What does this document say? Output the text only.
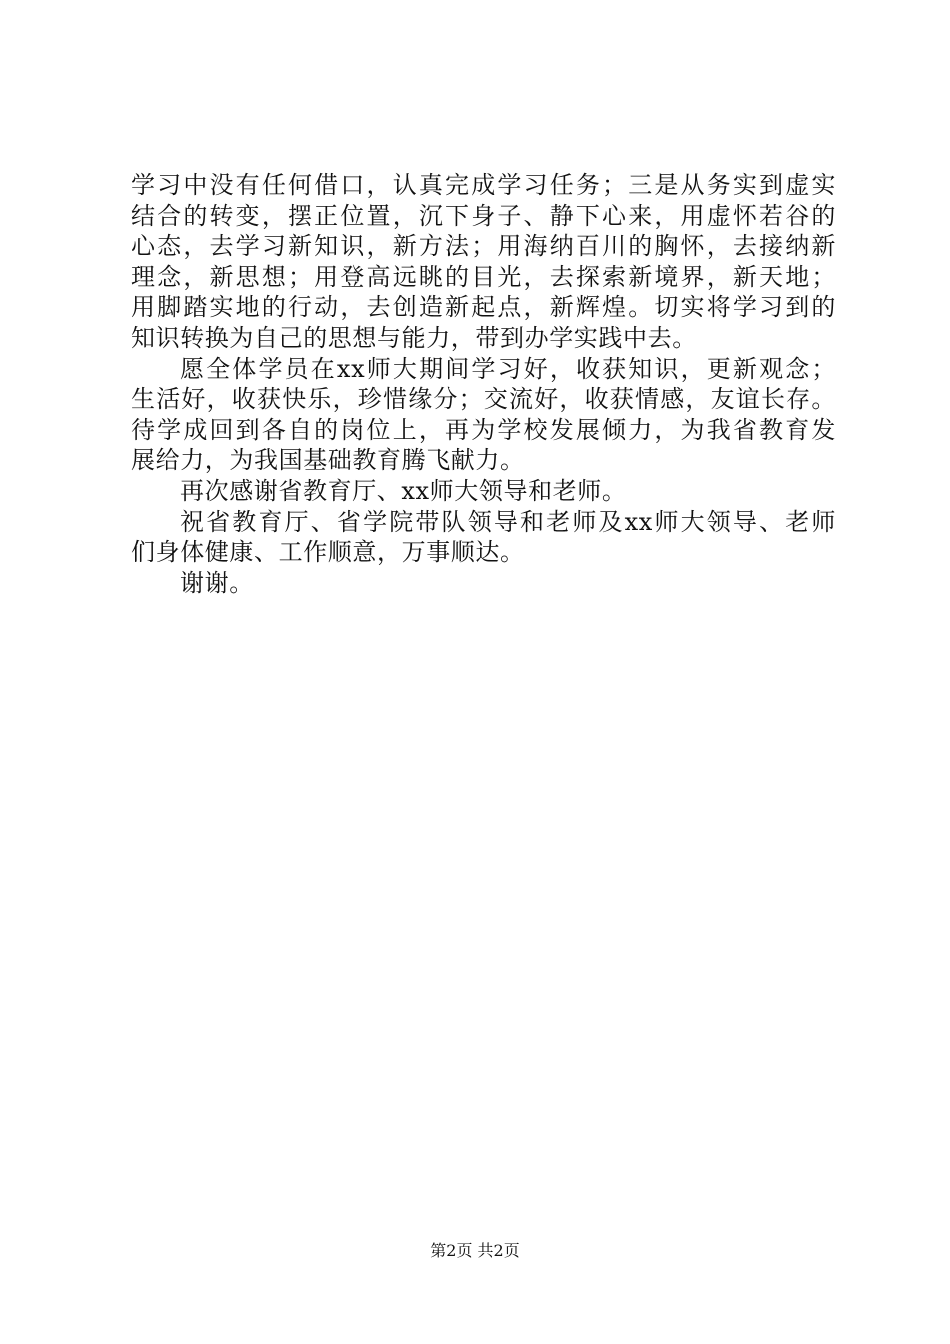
学习中没有任何借口，认真完成学习任务；三是从务实到虚实
结合的转变，摆正位置，沉下身子、静下心来，用虚怀若谷的
心态，去学习新知识，新方法；用海纳百川的胸怀，去接纳新
理念，新思想；用登高远眺的目光，去探索新境界，新天地；
用脚踏实地的行动，去创造新起点，新辉煌。切实将学习到的
知识转换为自己的思想与能力，带到办学实践中去。
愿全体学员在xx师大期间学习好，收获知识，更新观念；
生活好，收获快乐，珍惜缘分；交流好，收获情感，友谊长存。
待学成回到各自的岗位上，再为学校发展倾力，为我省教育发
展给力，为我国基础教育腾飞献力。
再次感谢省教育厅、xx师大领导和老师。
祝省教育厅、省学院带队领导和老师及xx师大领导、老师
们身体健康、工作顺意，万事顺达。
谢谢。
第2页 共2页
